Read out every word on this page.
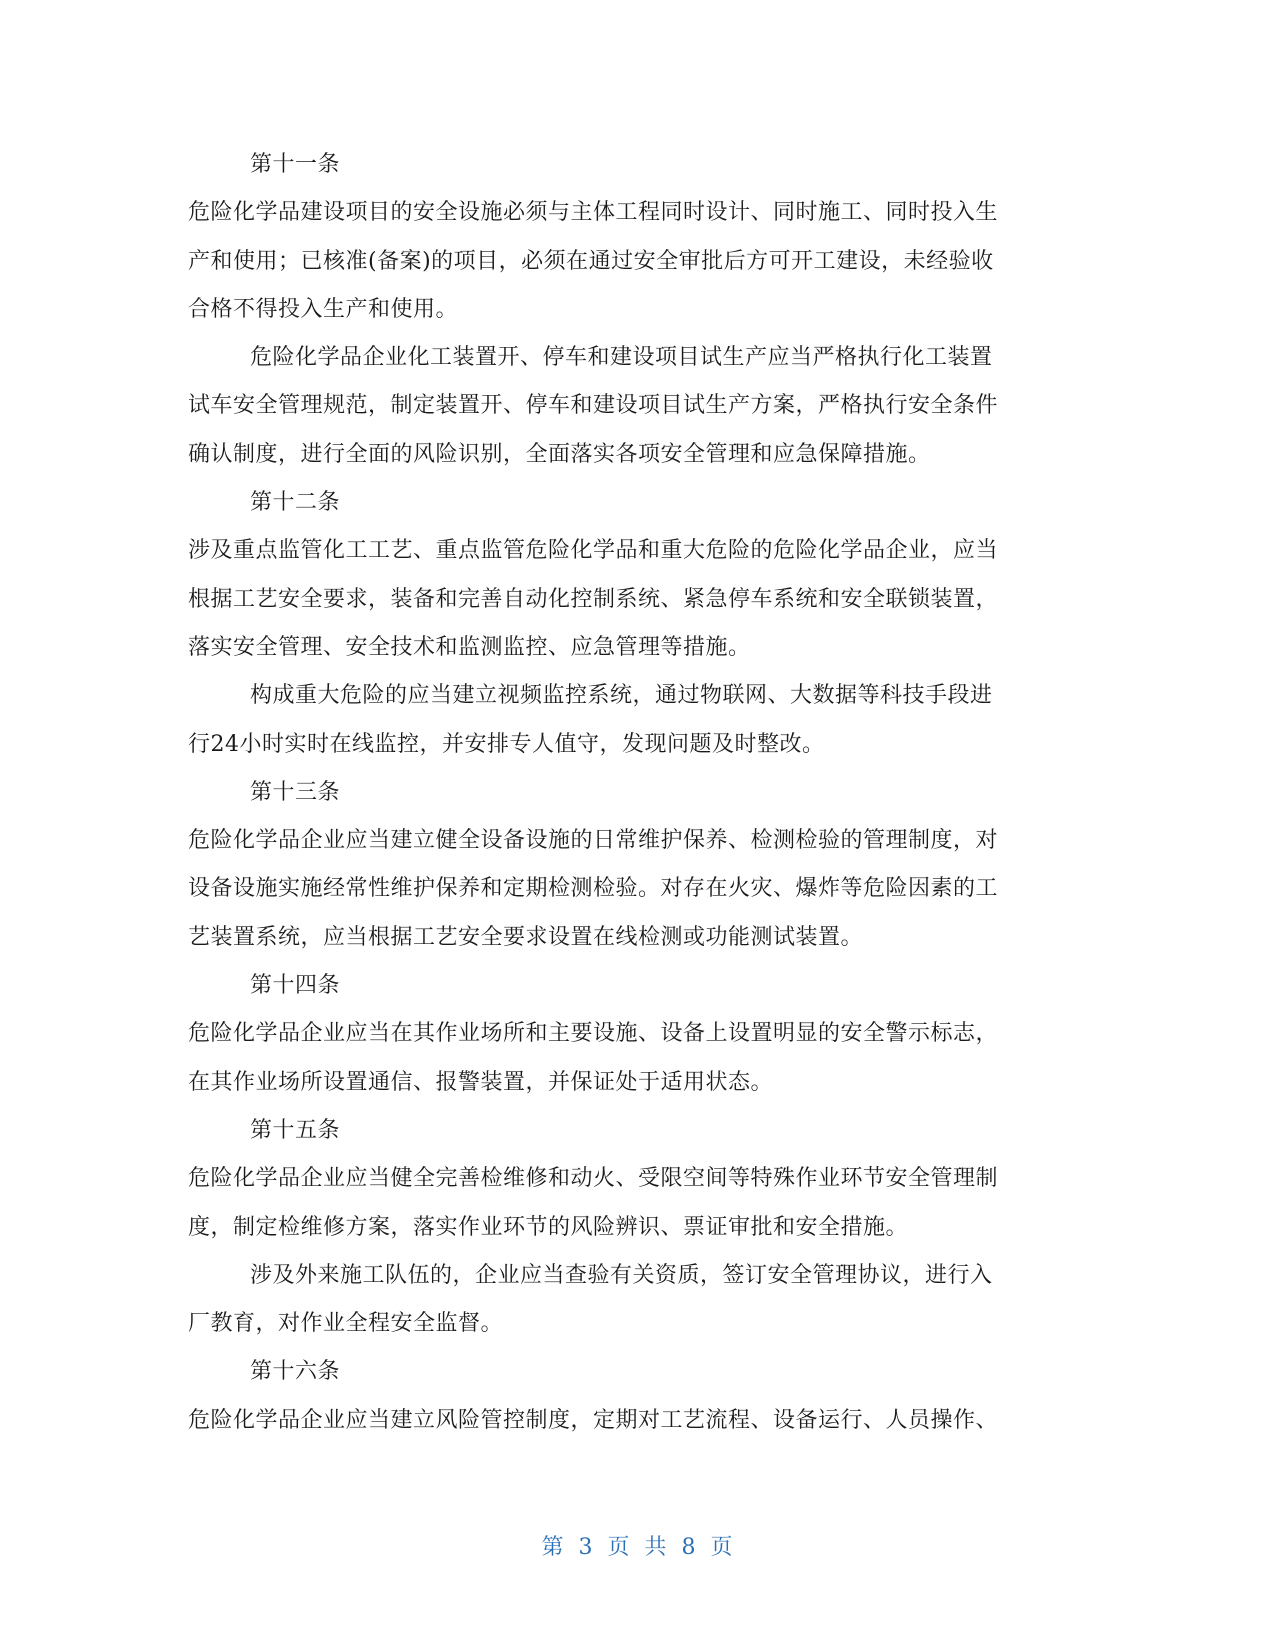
第十一条

危险化学品建设项目的安全设施必须与主体工程同时设计、同时施工、同时投入生

产和使用；已核准(备案)的项目，必须在通过安全审批后方可开工建设，未经验收

合格不得投入生产和使用。

危险化学品企业化工装置开、停车和建设项目试生产应当严格执行化工装置

试车安全管理规范，制定装置开、停车和建设项目试生产方案，严格执行安全条件

确认制度，进行全面的风险识别，全面落实各项安全管理和应急保障措施。

第十二条

涉及重点监管化工工艺、重点监管危险化学品和重大危险的危险化学品企业，应当

根据工艺安全要求，装备和完善自动化控制系统、紧急停车系统和安全联锁装置，

落实安全管理、安全技术和监测监控、应急管理等措施。

构成重大危险的应当建立视频监控系统，通过物联网、大数据等科技手段进

行24小时实时在线监控，并安排专人值守，发现问题及时整改。

第十三条

危险化学品企业应当建立健全设备设施的日常维护保养、检测检验的管理制度，对

设备设施实施经常性维护保养和定期检测检验。对存在火灾、爆炸等危险因素的工

艺装置系统，应当根据工艺安全要求设置在线检测或功能测试装置。

第十四条

危险化学品企业应当在其作业场所和主要设施、设备上设置明显的安全警示标志，

在其作业场所设置通信、报警装置，并保证处于适用状态。

第十五条

危险化学品企业应当健全完善检维修和动火、受限空间等特殊作业环节安全管理制

度，制定检维修方案，落实作业环节的风险辨识、票证审批和安全措施。

涉及外来施工队伍的，企业应当查验有关资质，签订安全管理协议，进行入

厂教育，对作业全程安全监督。

第十六条

危险化学品企业应当建立风险管控制度，定期对工艺流程、设备运行、人员操作、

第 3 页 共 8 页
